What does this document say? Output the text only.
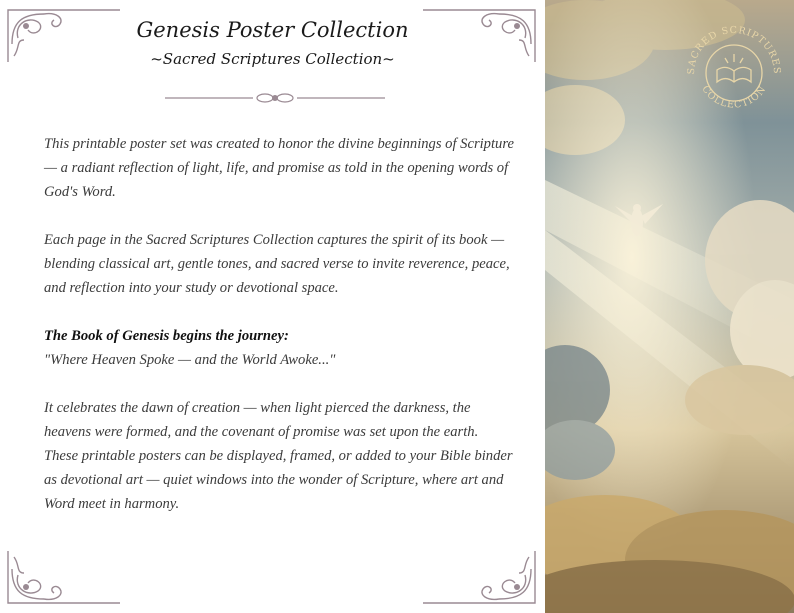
Genesis Poster Collection
~Sacred Scriptures Collection~

This printable poster set was created to honor the divine beginnings of Scripture — a radiant reflection of light, life, and promise as told in the opening words of God's Word.

Each page in the Sacred Scriptures Collection captures the spirit of its book — blending classical art, gentle tones, and sacred verse to invite reverence, peace, and reflection into your study or devotional space.

The Book of Genesis begins the journey:

"Where Heaven Spoke — and the World Awoke..."

It celebrates the dawn of creation — when light pierced the darkness, the heavens were formed, and the covenant of promise was set upon the earth.

These printable posters can be displayed, framed, or added to your Bible binder as devotional art — quiet windows into the wonder of Scripture, where art and Word meet in harmony.

SACRED SCRIPTURES
COLLECTION
